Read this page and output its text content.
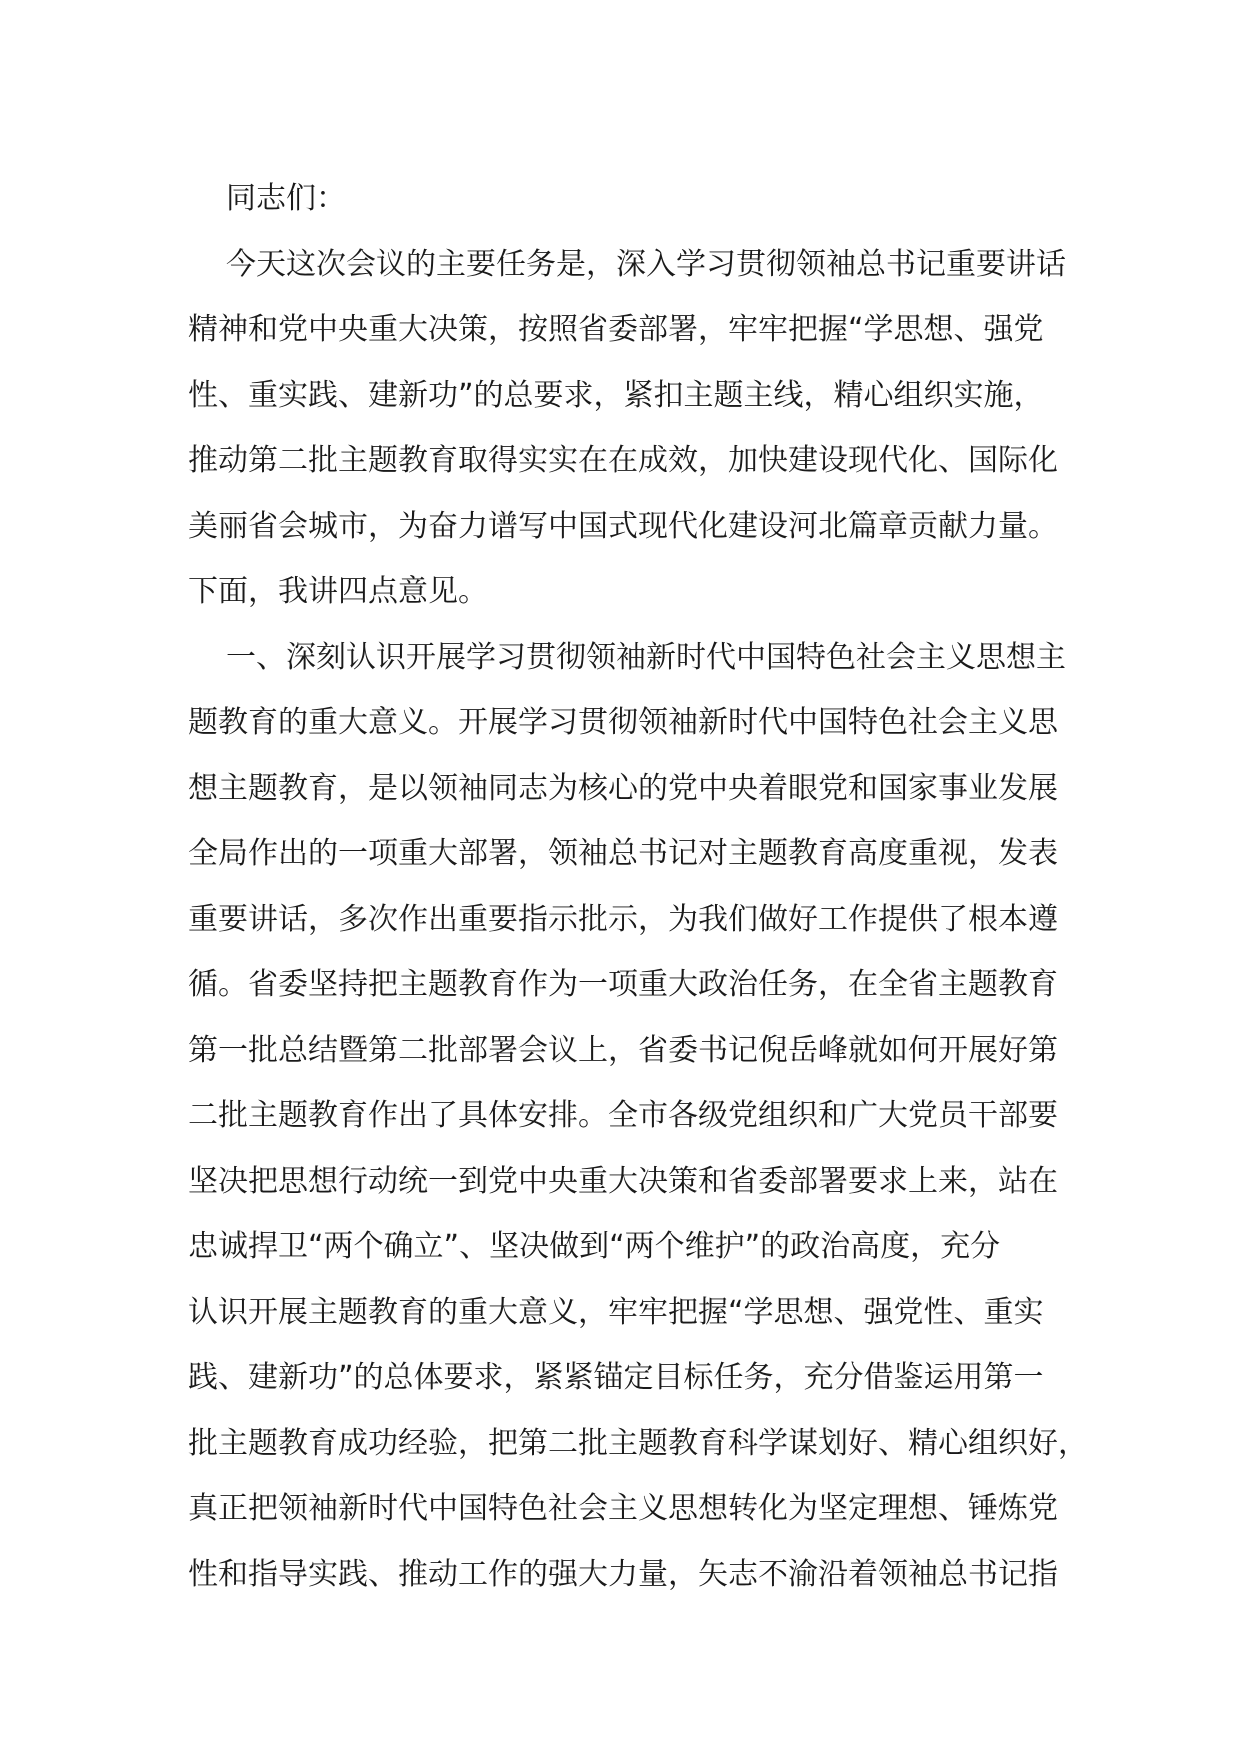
同志们：
今天这次会议的主要任务是，深入学习贯彻领袖总书记重要讲话
精神和党中央重大决策，按照省委部署，牢牢把握“学思想、强党
性、重实践、建新功”的总要求，紧扣主题主线，精心组织实施，
推动第二批主题教育取得实实在在成效，加快建设现代化、国际化
美丽省会城市，为奋力谱写中国式现代化建设河北篇章贡献力量。
下面，我讲四点意见。
一、深刻认识开展学习贯彻领袖新时代中国特色社会主义思想主
题教育的重大意义。开展学习贯彻领袖新时代中国特色社会主义思
想主题教育，是以领袖同志为核心的党中央着眼党和国家事业发展
全局作出的一项重大部署，领袖总书记对主题教育高度重视，发表
重要讲话，多次作出重要指示批示，为我们做好工作提供了根本遵
循。省委坚持把主题教育作为一项重大政治任务，在全省主题教育
第一批总结暨第二批部署会议上，省委书记倪岳峰就如何开展好第
二批主题教育作出了具体安排。全市各级党组织和广大党员干部要
坚决把思想行动统一到党中央重大决策和省委部署要求上来，站在
忠诚捍卫“两个确立”、坚决做到“两个维护”的政治高度，充分
认识开展主题教育的重大意义，牢牢把握“学思想、强党性、重实
践、建新功”的总体要求，紧紧锚定目标任务，充分借鉴运用第一
批主题教育成功经验，把第二批主题教育科学谋划好、精心组织好，
真正把领袖新时代中国特色社会主义思想转化为坚定理想、锤炼党
性和指导实践、推动工作的强大力量，矢志不渝沿着领袖总书记指
